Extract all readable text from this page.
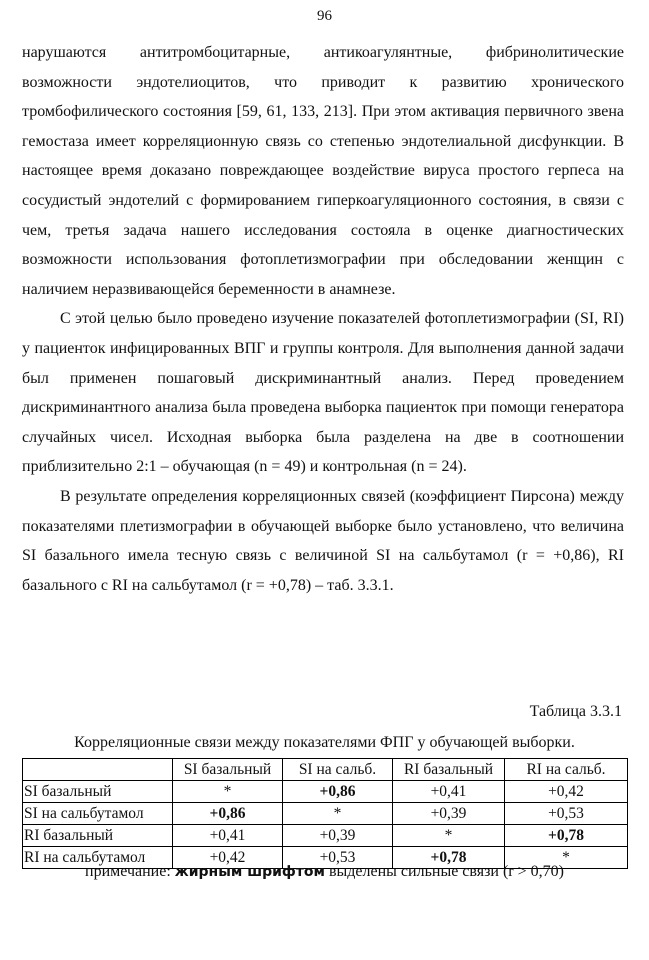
96

нарушаются антитромбоцитарные, антикоагулянтные, фибринолитические возможности эндотелиоцитов, что приводит к развитию хронического тромбофилического состояния [59, 61, 133, 213]. При этом активация первичного звена гемостаза имеет корреляционную связь со степенью эндотелиальной дисфункции. В настоящее время доказано повреждающее воздействие вируса простого герпеса на сосудистый эндотелий с формированием гиперкоагуляционного состояния, в связи с чем, третья задача нашего исследования состояла в оценке диагностических возможности использования фотоплетизмографии при обследовании женщин с наличием неразвивающейся беременности в анамнезе.

С этой целью было проведено изучение показателей фотоплетизмографии (SI, RI) у пациенток инфицированных ВПГ и группы контроля. Для выполнения данной задачи был применен пошаговый дискриминантный анализ. Перед проведением дискриминантного анализа была проведена выборка пациенток при помощи генератора случайных чисел. Исходная выборка была разделена на две в соотношении приблизительно 2:1 – обучающая (n = 49) и контрольная (n = 24).

В результате определения корреляционных связей (коэффициент Пирсона) между показателями плетизмографии в обучающей выборке было установлено, что величина SI базального имела тесную связь с величиной SI на сальбутамол (r = +0,86), RI базального с RI на сальбутамол (r = +0,78) – таб. 3.3.1.

Таблица 3.3.1
Корреляционные связи между показателями ФПГ у обучающей выборки.
	SI базальный	SI на сальб.	RI базальный	RI на сальб.
SI базальный	*	+0,86	+0,41	+0,42
SI на сальбутамол	+0,86	*	+0,39	+0,53
RI базальный	+0,41	+0,39	*	+0,78
RI на сальбутамол	+0,42	+0,53	+0,78	*
примечание: жирным шрифтом выделены сильные связи (r > 0,70)
